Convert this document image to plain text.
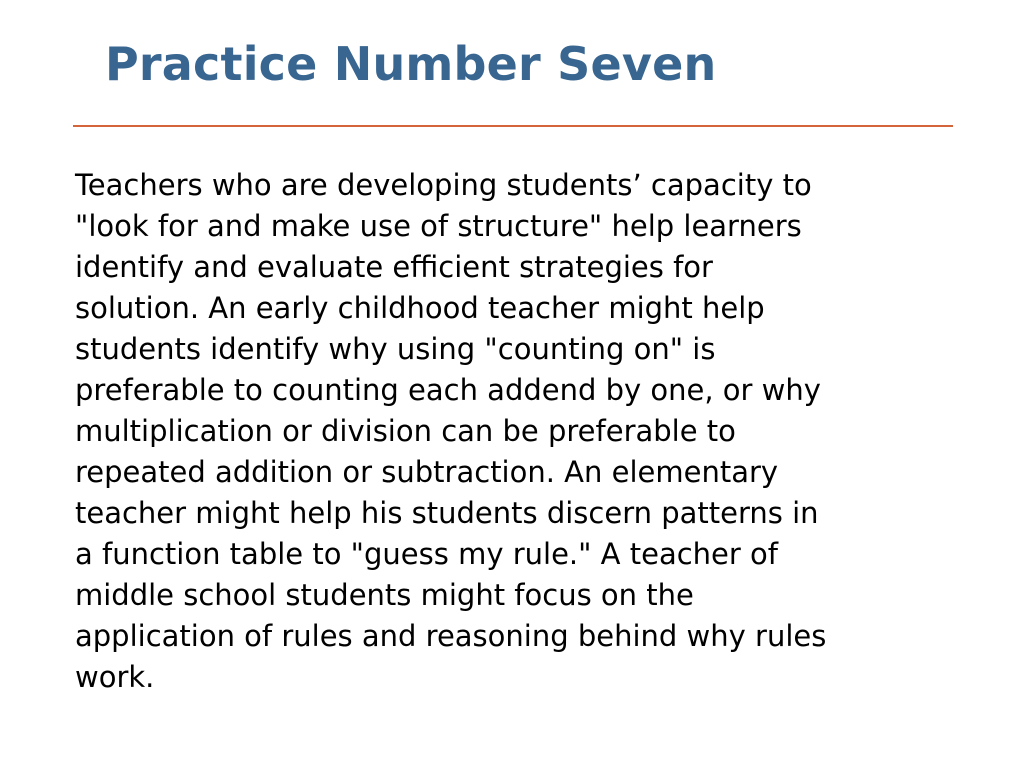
Practice Number Seven
Teachers who are developing students’ capacity to
"look for and make use of structure" help learners
identify and evaluate efficient strategies for
solution. An early childhood teacher might help
students identify why using "counting on" is
preferable to counting each addend by one, or why
multiplication or division can be preferable to
repeated addition or subtraction. An elementary
teacher might help his students discern patterns in
a function table to "guess my rule." A teacher of
middle school students might focus on the
application of rules and reasoning behind why rules
work.
